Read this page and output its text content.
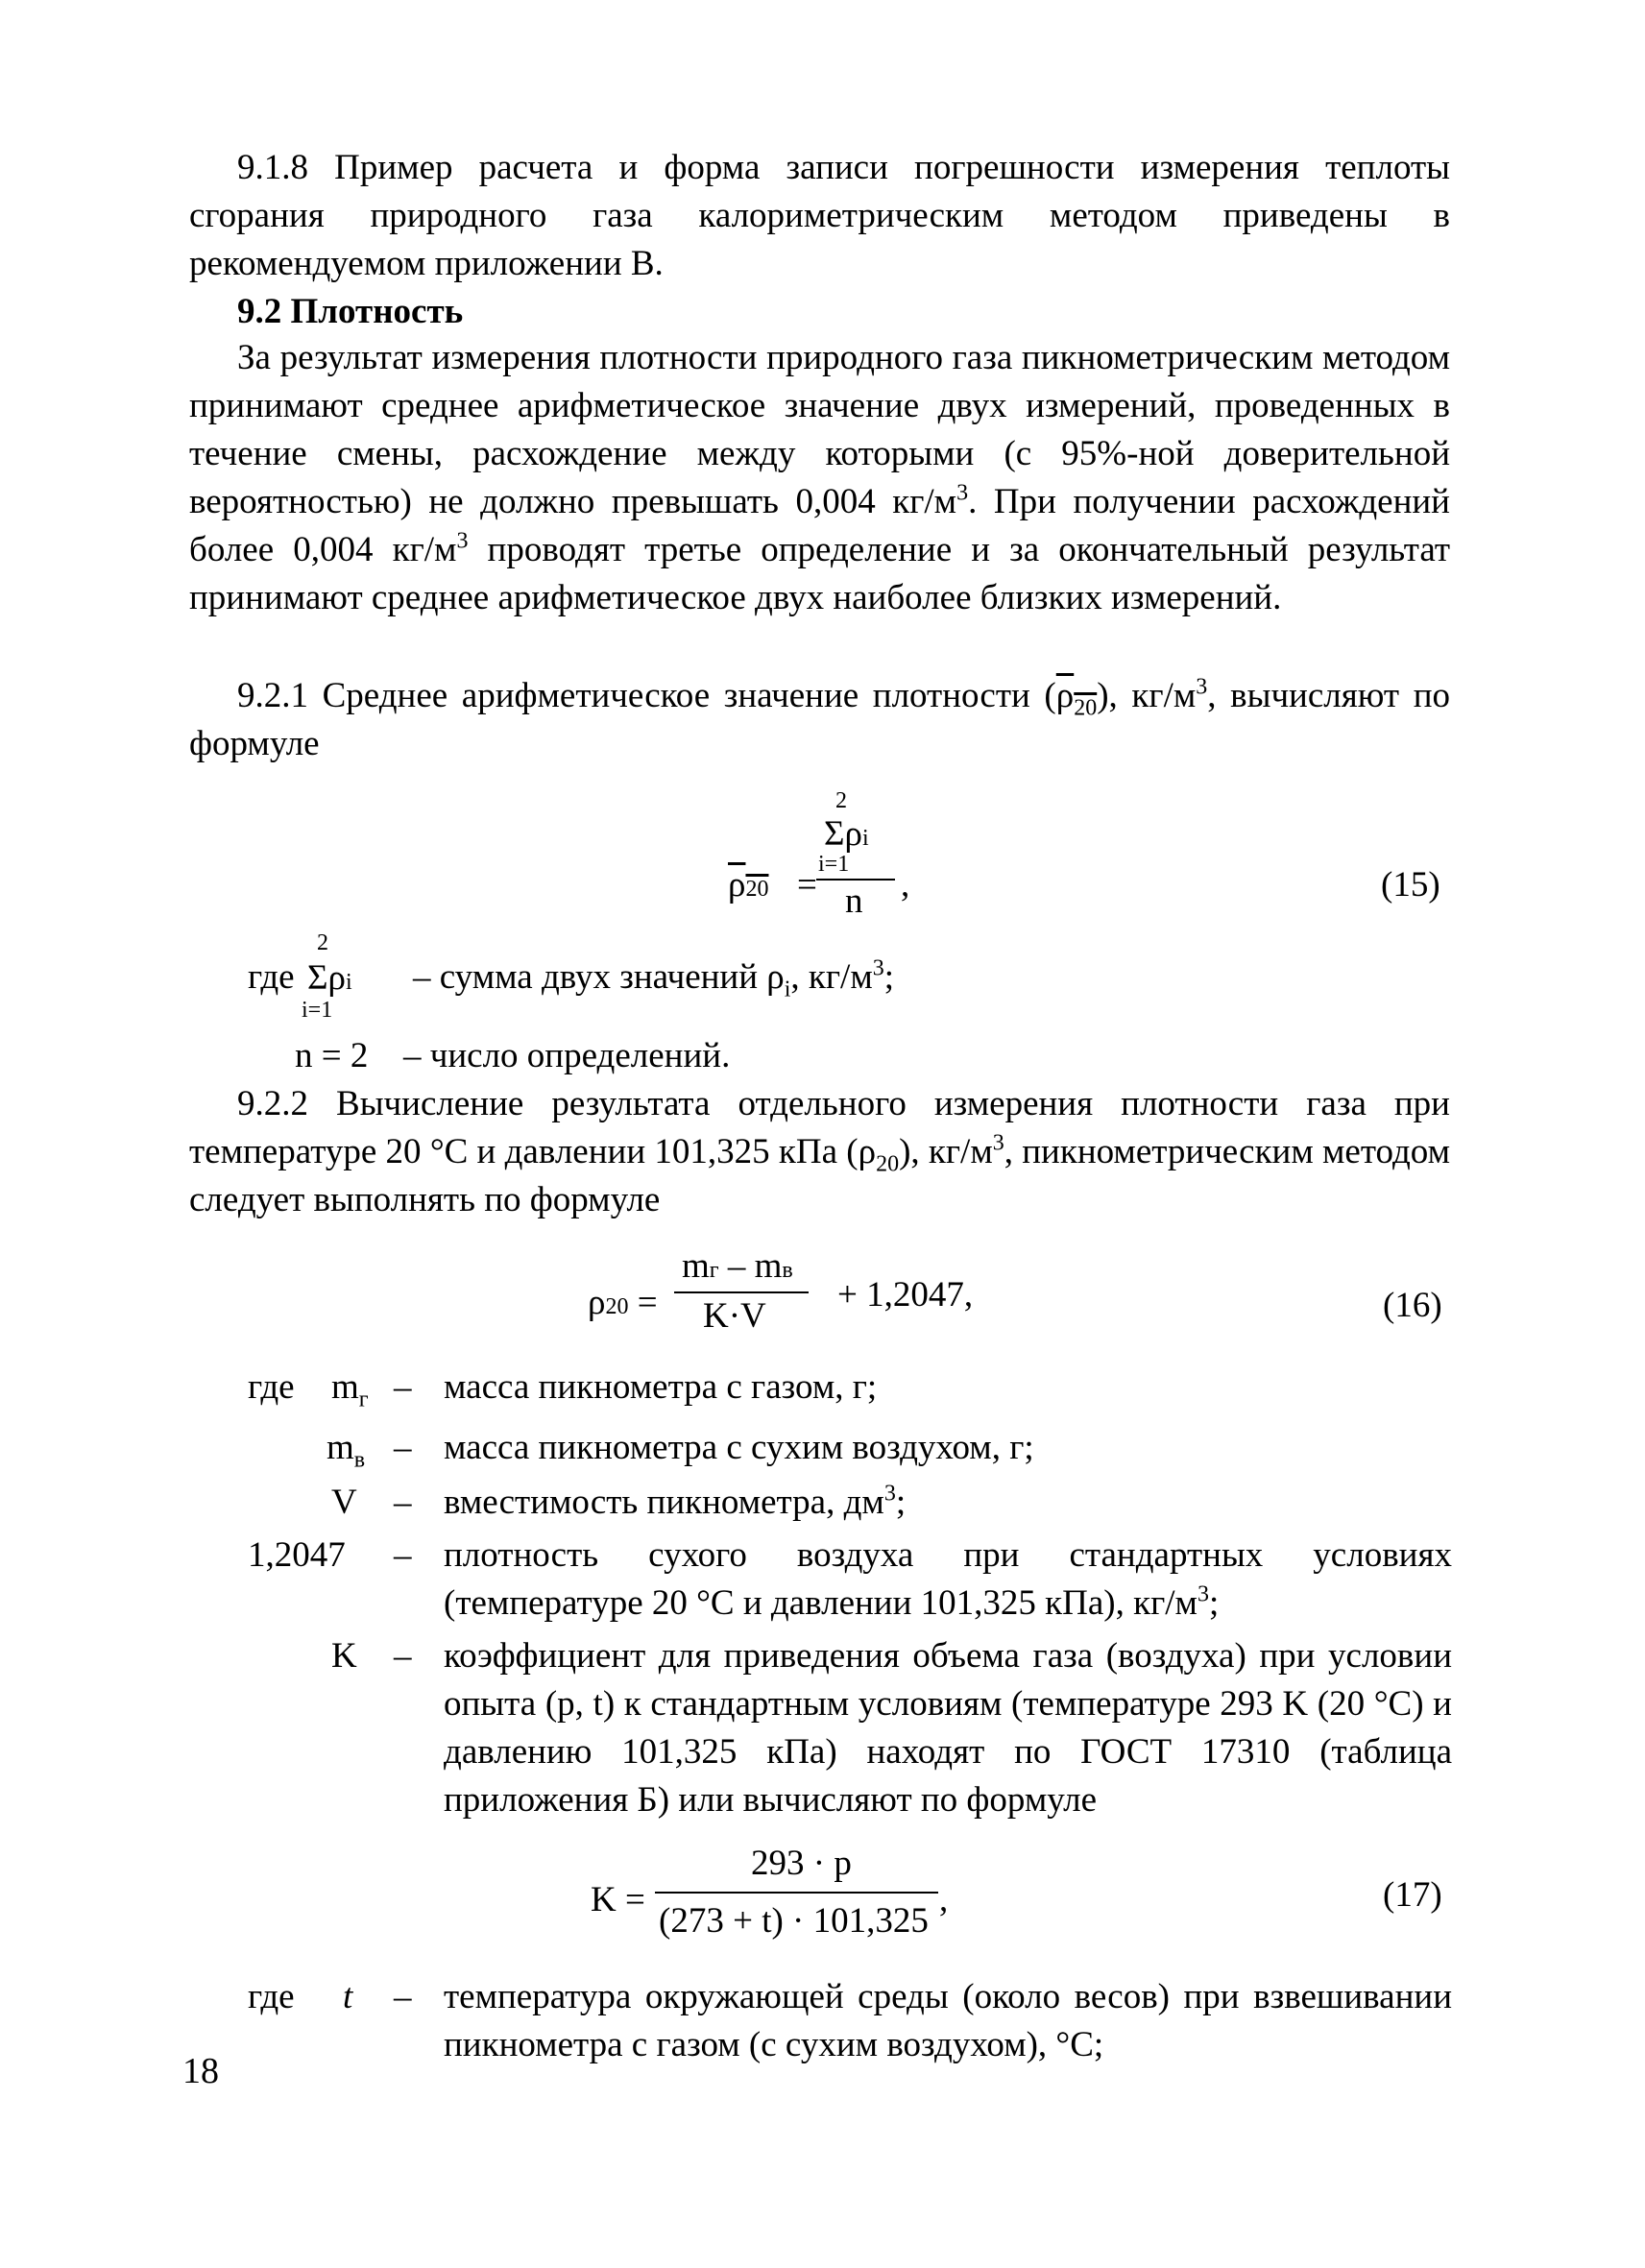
9.1.8 Пример расчета и форма записи погрешности измерения теплоты сгорания природного газа калориметрическим методом приведены в рекомендуемом приложении В.
9.2 Плотность
За результат измерения плотности природного газа пикнометрическим методом принимают среднее арифметическое значение двух измерений, проведенных в течение смены, расхождение между которыми (с 95%-ной доверительной вероятностью) не должно превышать 0,004 $кг/м^3$. При получении расхождений более 0,004 $кг/м^3$ проводят третье определение и за окончательный результат принимают среднее арифметическое двух наиболее близких измерений.
9.2.1 Среднее арифметическое значение плотности $(\rho_{20})$, $кг/м^3$, вычисляют по формуле
ρ20 =
2
Σρi
i=1
n ,	(15)
где
2
Σρi
i=1
– сумма двух значений $\rho_i$, $кг/м^3$;
n = 2 – число определений.
9.2.2 Вычисление результата отдельного измерения плотности газа при температуре 20 °С и давлении 101,325 кПа $(\rho_{20})$, $кг/м^3$, пикнометрическим методом следует выполнять по формуле
ρ20 =
mг – mв
K·V
+ 1,2047,	(16)
где $m_г$ – масса пикнометра с газом, г;
$m_в$ – масса пикнометра с сухим воздухом, г;
V – вместимость пикнометра, $дм^3$;
1,2047 – плотность сухого воздуха при стандартных условиях (температуре 20 °С и давлении 101,325 кПа), $кг/м^3$;
K – коэффициент для приведения объема газа (воздуха) при условии опыта (p, t) к стандартным условиям (температуре 293 K (20 °С) и давлению 101,325 кПа) находят по ГОСТ 17310 (таблица приложения Б) или вычисляют по формуле
K =
293 · p
(273 + t) · 101,325
,	(17)
где t – температура окружающей среды (около весов) при взвешивании пикнометра с газом (с сухим воздухом), °С;
18
